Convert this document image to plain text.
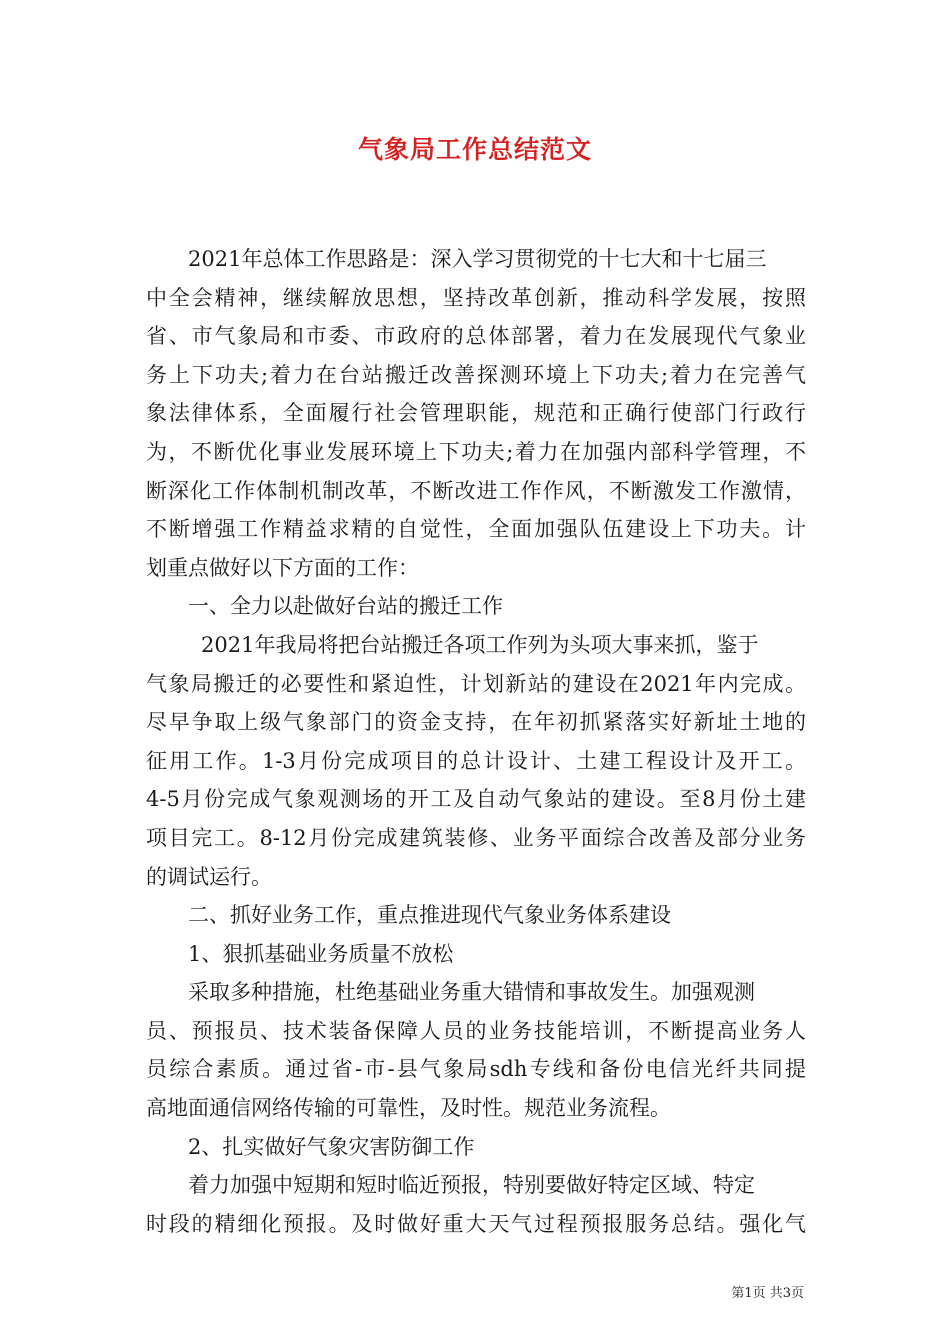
气象局工作总结范文
2021年总体工作思路是：深入学习贯彻党的十七大和十七届三
中全会精神，继续解放思想，坚持改革创新，推动科学发展，按照
省、市气象局和市委、市政府的总体部署，着力在发展现代气象业
务上下功夫;着力在台站搬迁改善探测环境上下功夫;着力在完善气
象法律体系，全面履行社会管理职能，规范和正确行使部门行政行
为，不断优化事业发展环境上下功夫;着力在加强内部科学管理，不
断深化工作体制机制改革，不断改进工作作风，不断激发工作激情，
不断增强工作精益求精的自觉性，全面加强队伍建设上下功夫。计
划重点做好以下方面的工作：
一、全力以赴做好台站的搬迁工作
2021年我局将把台站搬迁各项工作列为头项大事来抓，鉴于
气象局搬迁的必要性和紧迫性，计划新站的建设在2021年内完成。
尽早争取上级气象部门的资金支持，在年初抓紧落实好新址土地的
征用工作。1-3月份完成项目的总计设计、土建工程设计及开工。
4-5月份完成气象观测场的开工及自动气象站的建设。至8月份土建
项目完工。8-12月份完成建筑装修、业务平面综合改善及部分业务
的调试运行。
二、抓好业务工作，重点推进现代气象业务体系建设
1、狠抓基础业务质量不放松
采取多种措施，杜绝基础业务重大错情和事故发生。加强观测
员、预报员、技术装备保障人员的业务技能培训，不断提高业务人
员综合素质。通过省-市-县气象局sdh专线和备份电信光纤共同提
高地面通信网络传输的可靠性，及时性。规范业务流程。
2、扎实做好气象灾害防御工作
着力加强中短期和短时临近预报，特别要做好特定区域、特定
时段的精细化预报。及时做好重大天气过程预报服务总结。强化气
第1页 共3页
